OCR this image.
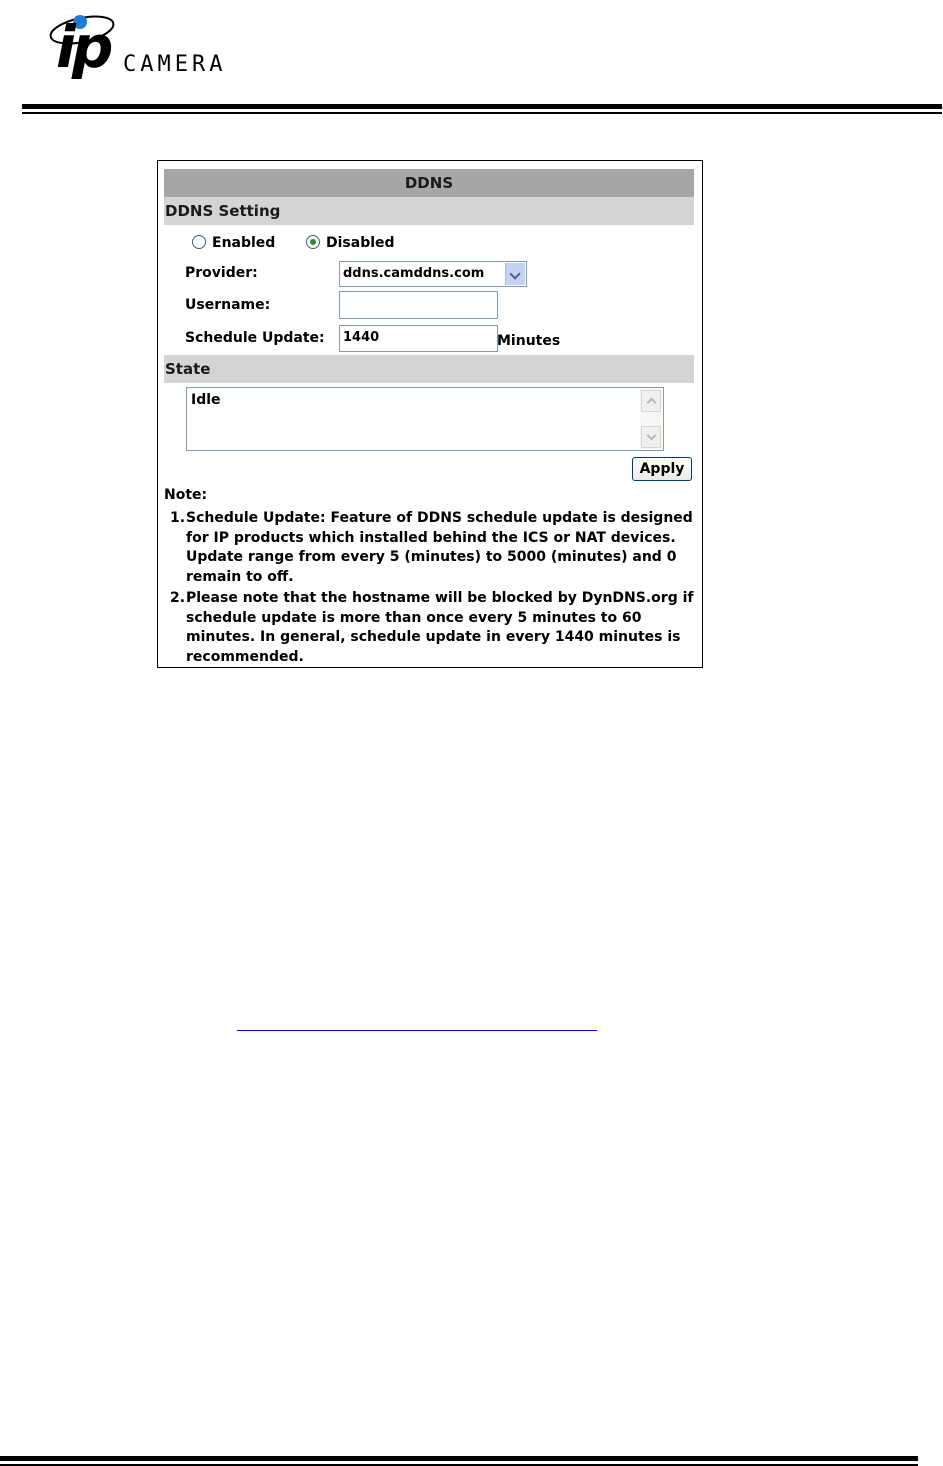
ip CAMERA
DDNS
DDNS Setting
Enabled	Disabled
Provider:	ddns.camddns.com
Username:
Schedule Update:	1440	Minutes
State
Idle
Apply
Note:
1. Schedule Update: Feature of DDNS schedule update is designed for IP products which installed behind the ICS or NAT devices. Update range from every 5 (minutes) to 5000 (minutes) and 0 remain to off.
2. Please note that the hostname will be blocked by DynDNS.org if schedule update is more than once every 5 minutes to 60 minutes. In general, schedule update in every 1440 minutes is recommended.
